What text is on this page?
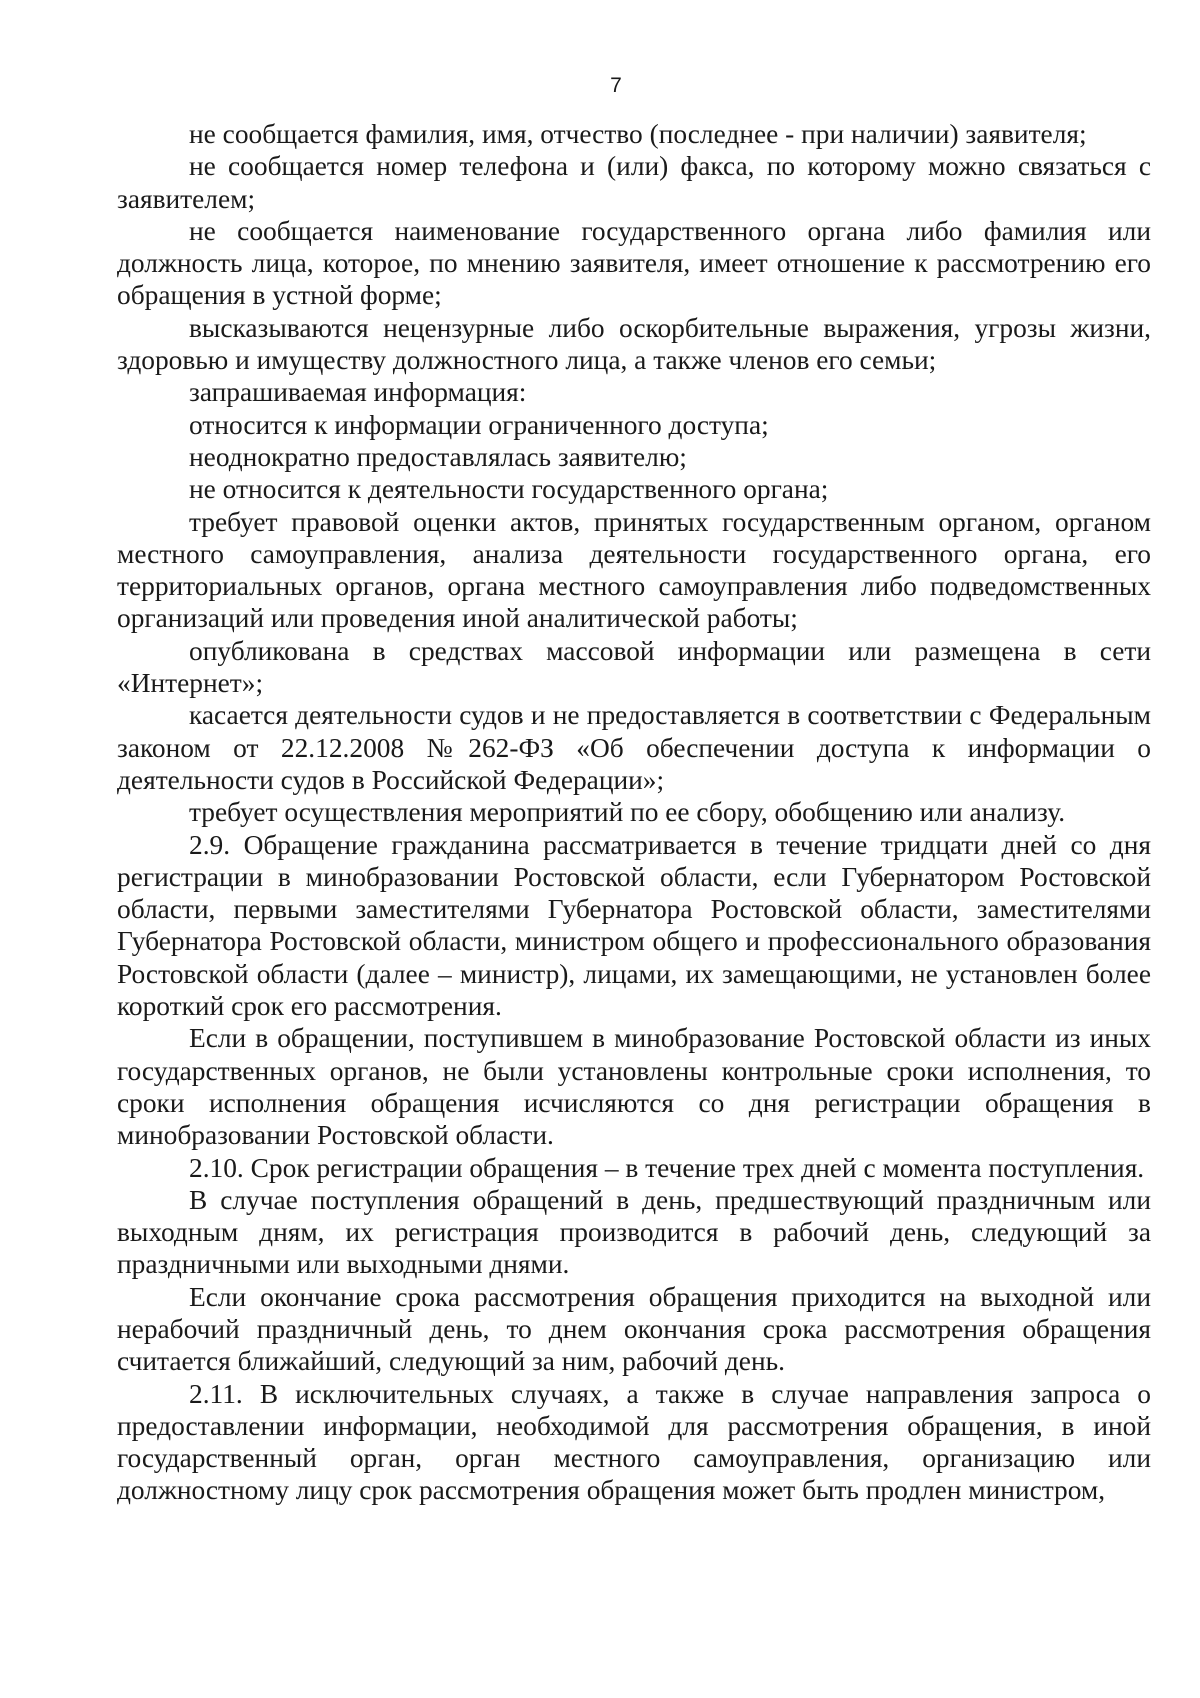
7

не сообщается фамилия, имя, отчество (последнее - при наличии) заявителя;

не сообщается номер телефона и (или) факса, по которому можно связаться с заявителем;

не сообщается наименование государственного органа либо фамилия или должность лица, которое, по мнению заявителя, имеет отношение к рассмотрению его обращения в устной форме;

высказываются нецензурные либо оскорбительные выражения, угрозы жизни, здоровью и имуществу должностного лица, а также членов его семьи;

запрашиваемая информация:

относится к информации ограниченного доступа;

неоднократно предоставлялась заявителю;

не относится к деятельности государственного органа;

требует правовой оценки актов, принятых государственным органом, органом местного самоуправления, анализа деятельности государственного органа, его территориальных органов, органа местного самоуправления либо подведомственных организаций или проведения иной аналитической работы;

опубликована в средствах массовой информации или размещена в сети «Интернет»;

касается деятельности судов и не предоставляется в соответствии с Федеральным законом от 22.12.2008 №262-ФЗ «Об обеспечении доступа к информации о деятельности судов в Российской Федерации»;

требует осуществления мероприятий по ее сбору, обобщению или анализу.

2.9. Обращение гражданина рассматривается в течение тридцати дней со дня регистрации в минобразовании Ростовской области, если Губернатором Ростовской области, первыми заместителями Губернатора Ростовской области, заместителями Губернатора Ростовской области, министром общего и профессионального образования Ростовской области (далее – министр), лицами, их замещающими, не установлен более короткий срок его рассмотрения.

Если в обращении, поступившем в минобразование Ростовской области из иных государственных органов, не были установлены контрольные сроки исполнения, то сроки исполнения обращения исчисляются со дня регистрации обращения в минобразовании Ростовской области.

2.10. Срок регистрации обращения – в течение трех дней с момента поступления.

В случае поступления обращений в день, предшествующий праздничным или выходным дням, их регистрация производится в рабочий день, следующий за праздничными или выходными днями.

Если окончание срока рассмотрения обращения приходится на выходной или нерабочий праздничный день, то днем окончания срока рассмотрения обращения считается ближайший, следующий за ним, рабочий день.

2.11. В исключительных случаях, а также в случае направления запроса о предоставлении информации, необходимой для рассмотрения обращения, в иной государственный орган, орган местного самоуправления, организацию или должностному лицу срок рассмотрения обращения может быть продлен министром,
